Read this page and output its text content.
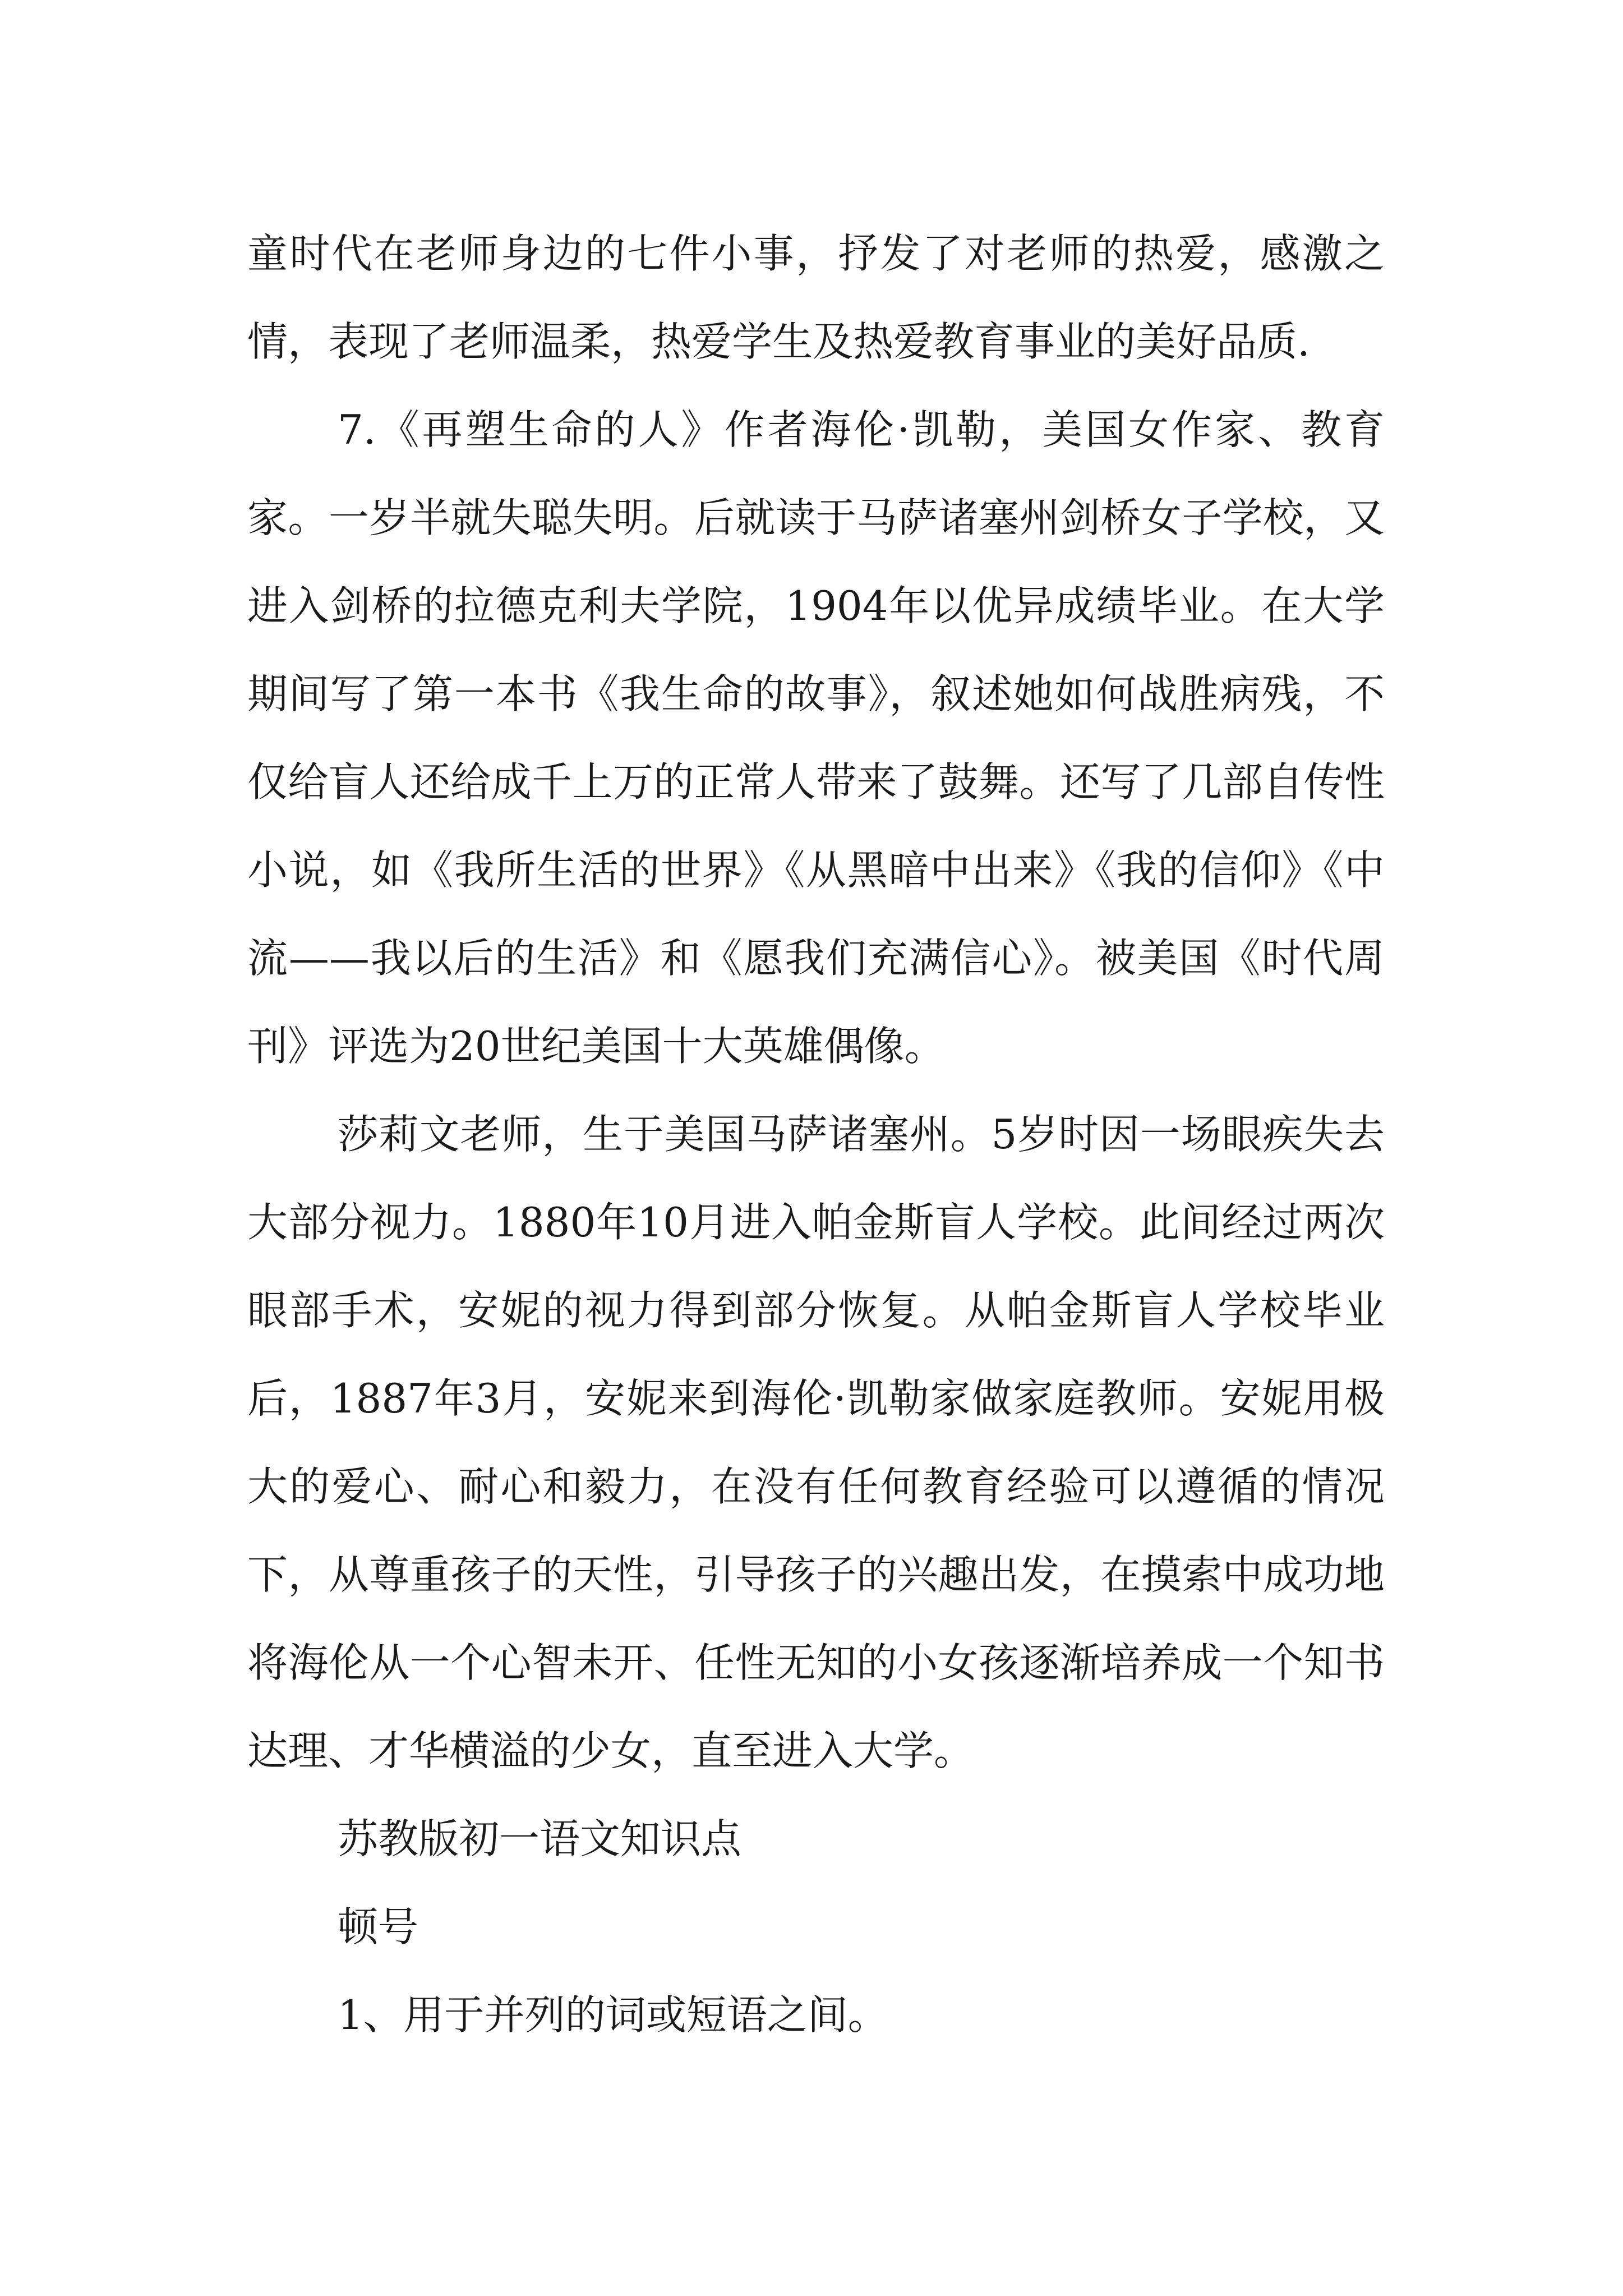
童时代在老师身边的七件小事，抒发了对老师的热爱，感激之情，表现了老师温柔，热爱学生及热爱教育事业的美好品质.

7.《再塑生命的人》作者海伦·凯勒，美国女作家、教育家。一岁半就失聪失明。后就读于马萨诸塞州剑桥女子学校，又进入剑桥的拉德克利夫学院，1904年以优异成绩毕业。在大学期间写了第一本书《我生命的故事》，叙述她如何战胜病残，不仅给盲人还给成千上万的正常人带来了鼓舞。还写了几部自传性小说，如《我所生活的世界》《从黑暗中出来》《我的信仰》《中流——我以后的生活》和《愿我们充满信心》。被美国《时代周刊》评选为20世纪美国十大英雄偶像。

莎莉文老师，生于美国马萨诸塞州。5岁时因一场眼疾失去大部分视力。1880年10月进入帕金斯盲人学校。此间经过两次眼部手术，安妮的视力得到部分恢复。从帕金斯盲人学校毕业后，1887年3月，安妮来到海伦·凯勒家做家庭教师。安妮用极大的爱心、耐心和毅力，在没有任何教育经验可以遵循的情况下，从尊重孩子的天性，引导孩子的兴趣出发，在摸索中成功地将海伦从一个心智未开、任性无知的小女孩逐渐培养成一个知书达理、才华横溢的少女，直至进入大学。

苏教版初一语文知识点

顿号

1、用于并列的词或短语之间。
